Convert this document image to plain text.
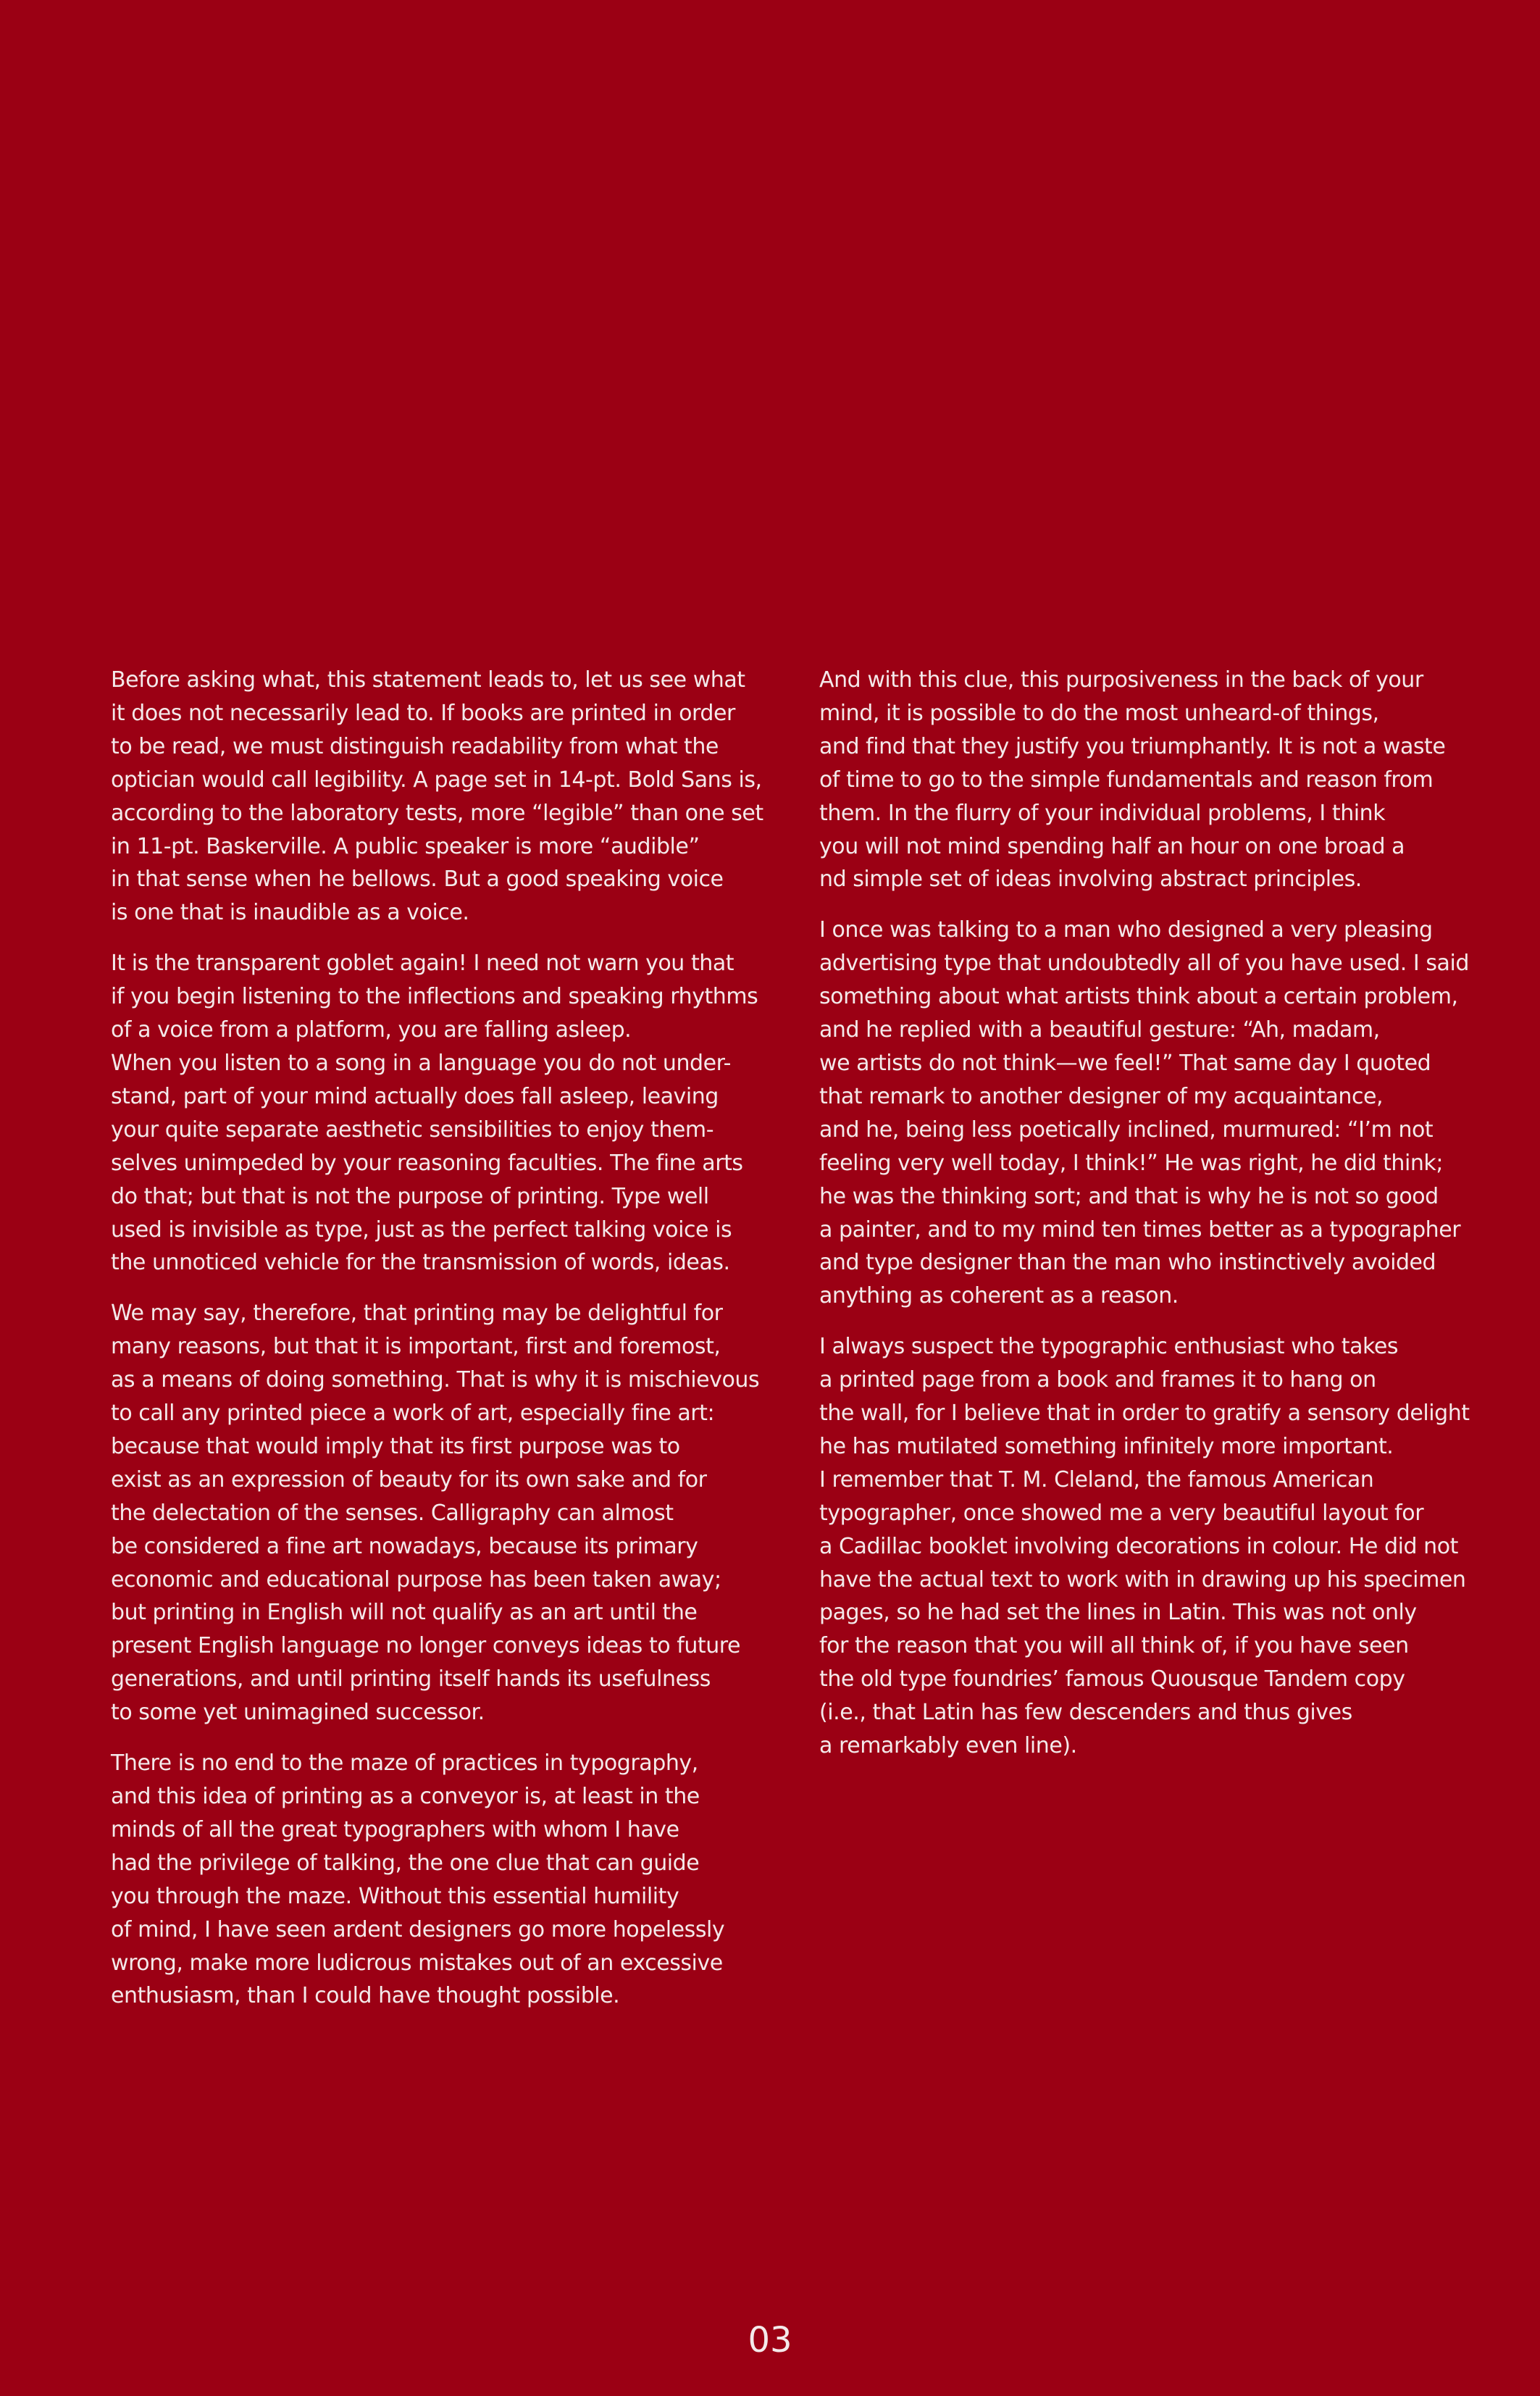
Before asking what, this statement leads to, let us see what
it does not necessarily lead to. If books are printed in order
to be read, we must distinguish readability from what the
optician would call legibility. A page set in 14-pt. Bold Sans is,
according to the laboratory tests, more “legible” than one set
in 11-pt. Baskerville. A public speaker is more “audible”
in that sense when he bellows. But a good speaking voice
is one that is inaudible as a voice.

It is the transparent goblet again! I need not warn you that
if you begin listening to the inflections and speaking rhythms
of a voice from a platform, you are falling asleep.
When you listen to a song in a language you do not under-
stand, part of your mind actually does fall asleep, leaving
your quite separate aesthetic sensibilities to enjoy them-
selves unimpeded by your reasoning faculties. The fine arts
do that; but that is not the purpose of printing. Type well
used is invisible as type, just as the perfect talking voice is
the unnoticed vehicle for the transmission of words, ideas.

We may say, therefore, that printing may be delightful for
many reasons, but that it is important, first and foremost,
as a means of doing something. That is why it is mischievous
to call any printed piece a work of art, especially fine art:
because that would imply that its first purpose was to
exist as an expression of beauty for its own sake and for
the delectation of the senses. Calligraphy can almost
be considered a fine art nowadays, because its primary
economic and educational purpose has been taken away;
but printing in English will not qualify as an art until the
present English language no longer conveys ideas to future
generations, and until printing itself hands its usefulness
to some yet unimagined successor.

There is no end to the maze of practices in typography,
and this idea of printing as a conveyor is, at least in the
minds of all the great typographers with whom I have
had the privilege of talking, the one clue that can guide
you through the maze. Without this essential humility
of mind, I have seen ardent designers go more hopelessly
wrong, make more ludicrous mistakes out of an excessive
enthusiasm, than I could have thought possible.

And with this clue, this purposiveness in the back of your
mind, it is possible to do the most unheard-of things,
and find that they justify you triumphantly. It is not a waste
of time to go to the simple fundamentals and reason from
them. In the flurry of your individual problems, I think
you will not mind spending half an hour on one broad a
nd simple set of ideas involving abstract principles.

I once was talking to a man who designed a very pleasing
advertising type that undoubtedly all of you have used. I said
something about what artists think about a certain problem,
and he replied with a beautiful gesture: “Ah, madam,
we artists do not think—we feel!” That same day I quoted
that remark to another designer of my acquaintance,
and he, being less poetically inclined, murmured: “I’m not
feeling very well today, I think!” He was right, he did think;
he was the thinking sort; and that is why he is not so good
a painter, and to my mind ten times better as a typographer
and type designer than the man who instinctively avoided
anything as coherent as a reason.

I always suspect the typographic enthusiast who takes
a printed page from a book and frames it to hang on
the wall, for I believe that in order to gratify a sensory delight
he has mutilated something infinitely more important.
I remember that T. M. Cleland, the famous American
typographer, once showed me a very beautiful layout for
a Cadillac booklet involving decorations in colour. He did not
have the actual text to work with in drawing up his specimen
pages, so he had set the lines in Latin. This was not only
for the reason that you will all think of, if you have seen
the old type foundries’ famous Quousque Tandem copy
(i.e., that Latin has few descenders and thus gives
a remarkably even line).

03
